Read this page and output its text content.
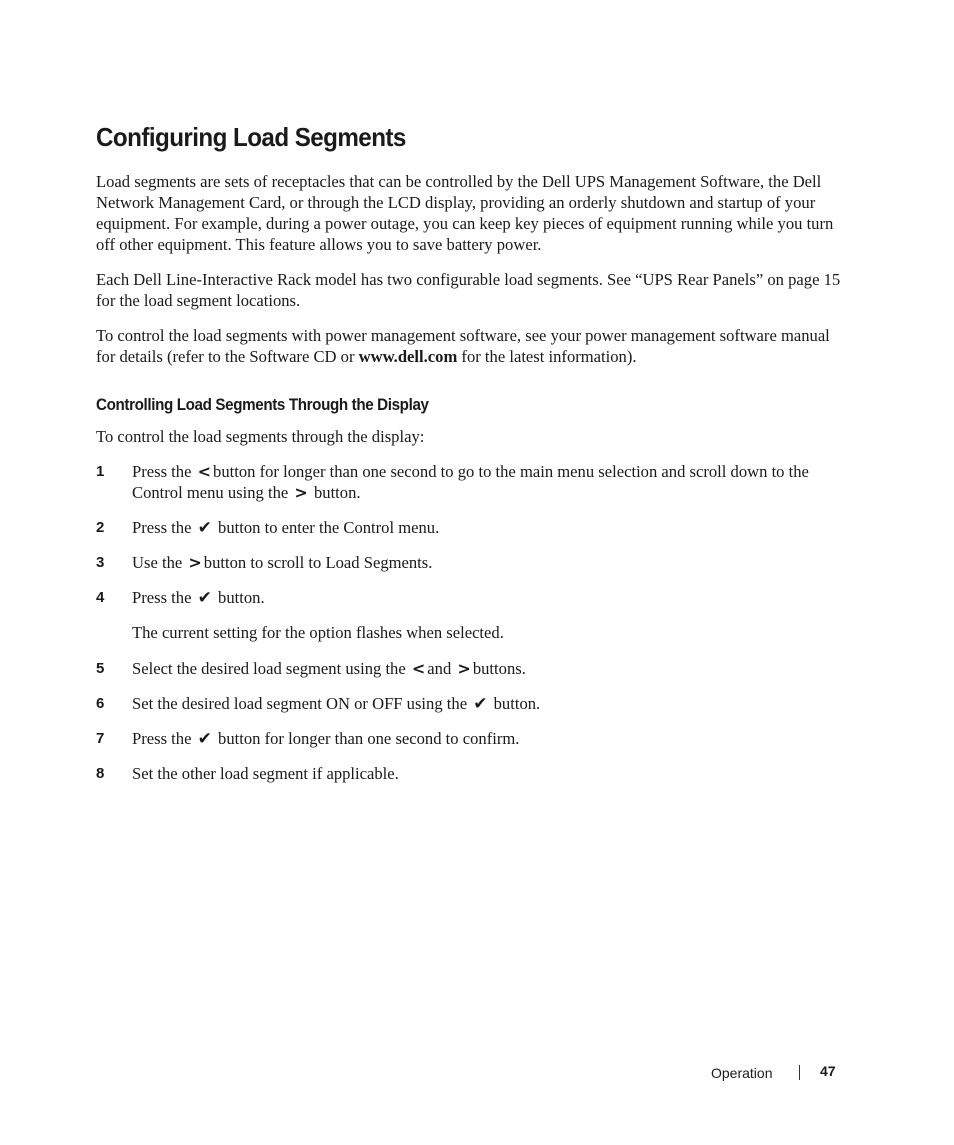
Configuring Load Segments

Load segments are sets of receptacles that can be controlled by the Dell UPS Management Software, the Dell Network Management Card, or through the LCD display, providing an orderly shutdown and startup of your equipment. For example, during a power outage, you can keep key pieces of equipment running while you turn off other equipment. This feature allows you to save battery power.

Each Dell Line-Interactive Rack model has two configurable load segments. See “UPS Rear Panels” on page 15 for the load segment locations.

To control the load segments with power management software, see your power management software manual for details (refer to the Software CD or www.dell.com for the latest information).

Controlling Load Segments Through the Display

To control the load segments through the display:

1 Press the < button for longer than one second to go to the main menu selection and scroll down to the Control menu using the > button.
2 Press the ✔ button to enter the Control menu.
3 Use the > button to scroll to Load Segments.
4 Press the ✔ button.

The current setting for the option flashes when selected.

5 Select the desired load segment using the < and > buttons.
6 Set the desired load segment ON or OFF using the ✔ button.
7 Press the ✔ button for longer than one second to confirm.
8 Set the other load segment if applicable.
Operation	47
